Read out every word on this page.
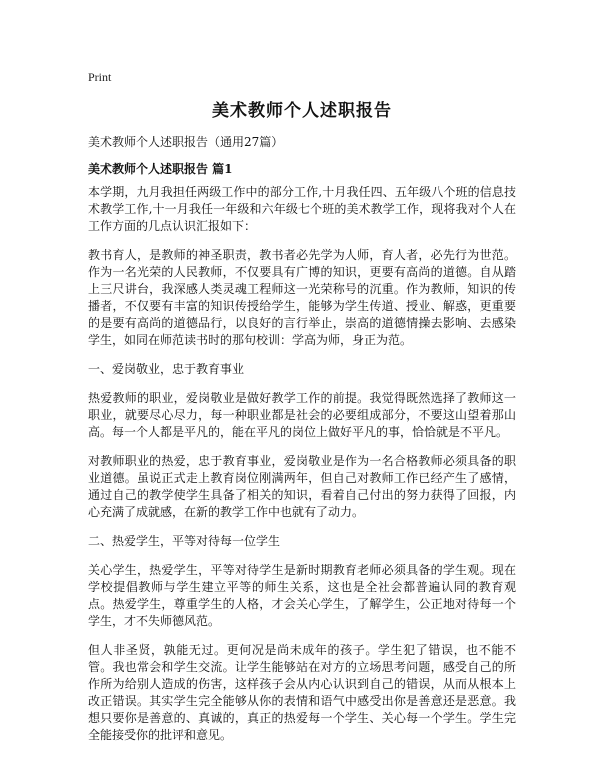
Print
美术教师个人述职报告

美术教师个人述职报告（通用27篇）

美术教师个人述职报告 篇1

本学期，九月我担任两级工作中的部分工作,十月我任四、五年级八个班的信息技术教学工作,十一月我任一年级和六年级七个班的美术教学工作，现将我对个人在工作方面的几点认识汇报如下：

教书育人，是教师的神圣职责，教书者必先学为人师，育人者，必先行为世范。作为一名光荣的人民教师，不仅要具有广博的知识，更要有高尚的道德。自从踏上三尺讲台，我深感人类灵魂工程师这一光荣称号的沉重。作为教师，知识的传播者，不仅要有丰富的知识传授给学生，能够为学生传道、授业、解惑，更重要的是要有高尚的道德品行，以良好的言行举止，崇高的道德情操去影响、去感染学生，如同在师范读书时的那句校训：学高为师，身正为范。

一、爱岗敬业，忠于教育事业

热爱教师的职业，爱岗敬业是做好教学工作的前提。我觉得既然选择了教师这一职业，就要尽心尽力，每一种职业都是社会的必要组成部分，不要这山望着那山高。每一个人都是平凡的，能在平凡的岗位上做好平凡的事，恰恰就是不平凡。

对教师职业的热爱，忠于教育事业，爱岗敬业是作为一名合格教师必须具备的职业道德。虽说正式走上教育岗位刚满两年，但自己对教师工作已经产生了感情，通过自己的教学使学生具备了相关的知识，看着自己付出的努力获得了回报，内心充满了成就感，在新的教学工作中也就有了动力。

二、热爱学生，平等对待每一位学生

关心学生，热爱学生，平等对待学生是新时期教育老师必须具备的学生观。现在学校提倡教师与学生建立平等的师生关系，这也是全社会都普遍认同的教育观点。热爱学生，尊重学生的人格，才会关心学生，了解学生，公正地对待每一个学生，才不失师德风范。

但人非圣贤，孰能无过。更何况是尚未成年的孩子。学生犯了错误，也不能不管。我也常会和学生交流。让学生能够站在对方的立场思考问题，感受自己的所作所为给别人造成的伤害，这样孩子会从内心认识到自己的错误，从而从根本上改正错误。其实学生完全能够从你的表情和语气中感受出你是善意还是恶意。我想只要你是善意的、真诚的，真正的热爱每一个学生、关心每一个学生。学生完全能接受你的批评和意见。
